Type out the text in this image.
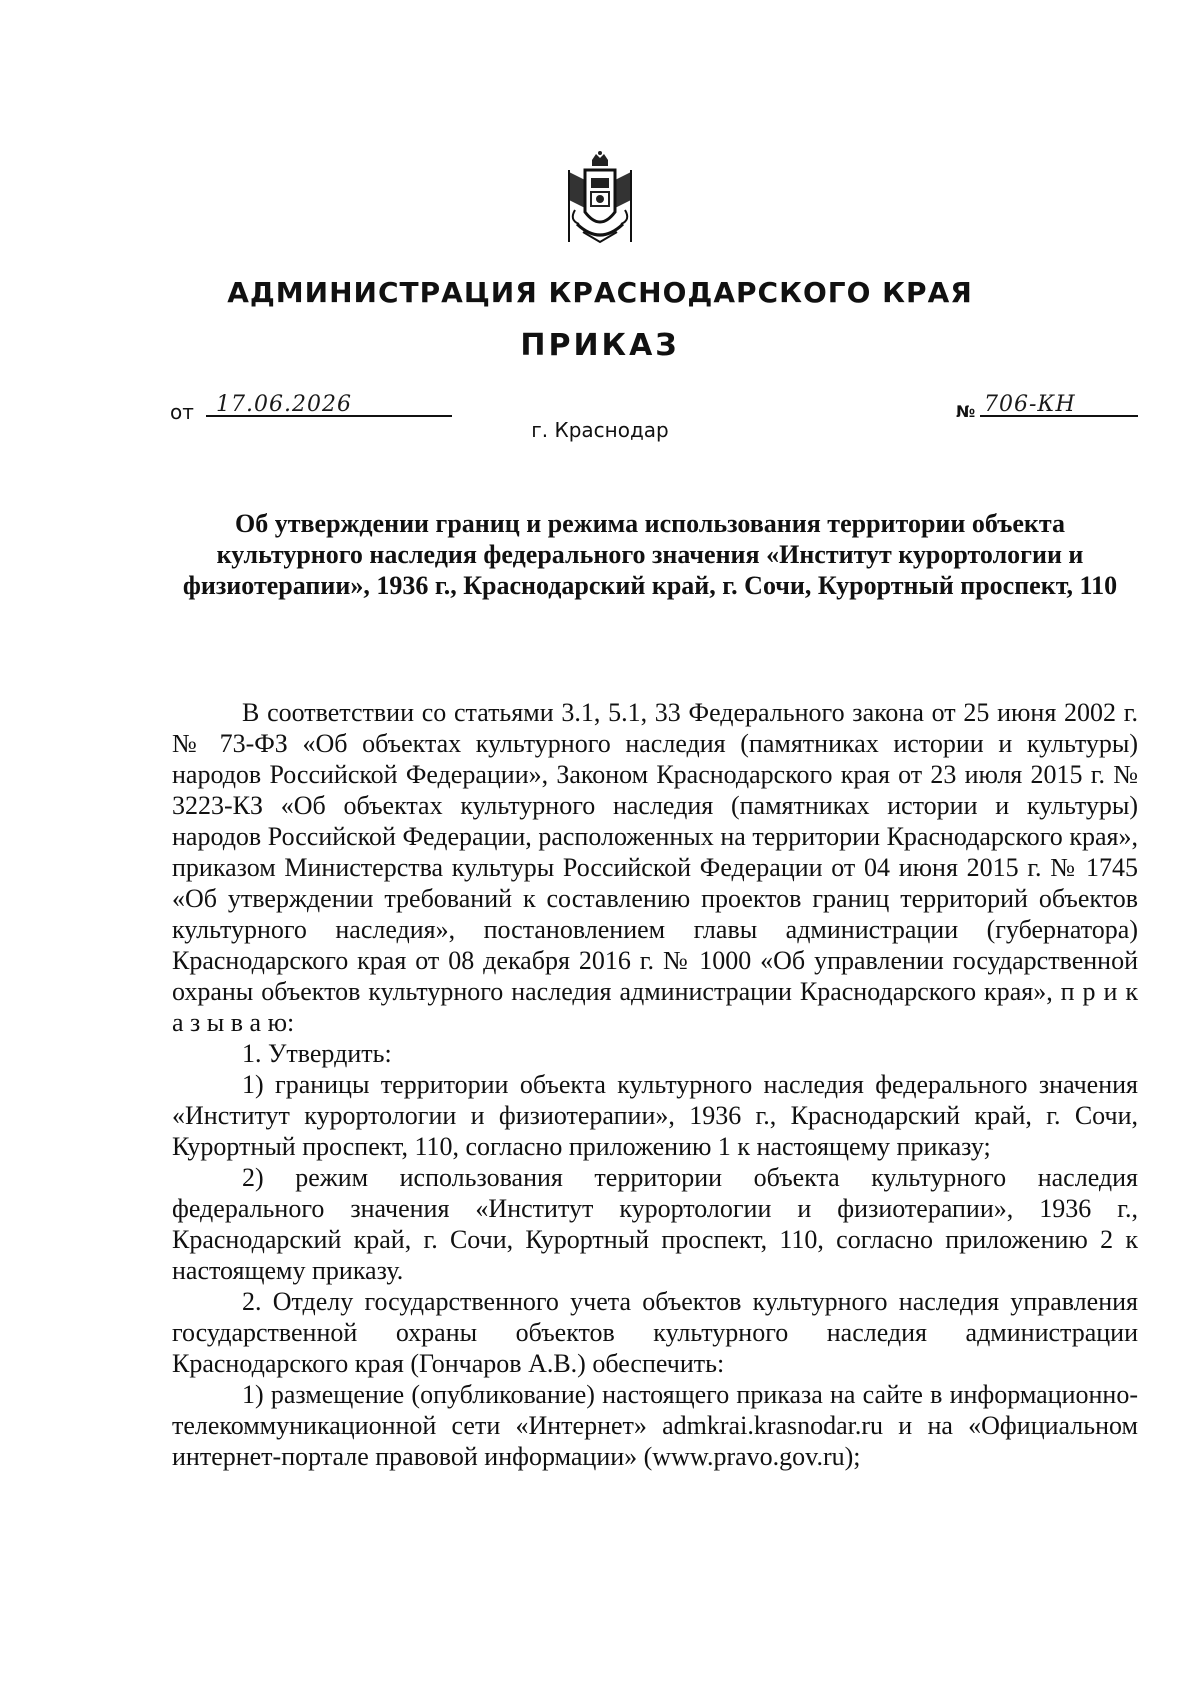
АДМИНИСТРАЦИЯ КРАСНОДАРСКОГО КРАЯ
ПРИКАЗ
от 17.06.2026	№ 706-КН
г. Краснодар
Об утверждении границ и режима использования территории объекта культурного наследия федерального значения «Институт курортологии и физиотерапии», 1936 г., Краснодарский край, г. Сочи, Курортный проспект, 110

В соответствии со статьями 3.1, 5.1, 33 Федерального закона от 25 июня 2002 г. № 73-ФЗ «Об объектах культурного наследия (памятниках истории и культуры) народов Российской Федерации», Законом Краснодарского края от 23 июля 2015 г. № 3223-КЗ «Об объектах культурного наследия (памятниках истории и культуры) народов Российской Федерации, расположенных на территории Краснодарского края», приказом Министерства культуры Российской Федерации от 04 июня 2015 г. № 1745 «Об утверждении требований к составлению проектов границ территорий объектов культурного наследия», постановлением главы администрации (губернатора) Краснодарского края от 08 декабря 2016 г. № 1000 «Об управлении государственной охраны объектов культурного наследия администрации Краснодарского края», п р и к а з ы в а ю:

1. Утвердить:

1) границы территории объекта культурного наследия федерального значения «Институт курортологии и физиотерапии», 1936 г., Краснодарский край, г. Сочи, Курортный проспект, 110, согласно приложению 1 к настоящему приказу;

2) режим использования территории объекта культурного наследия федерального значения «Институт курортологии и физиотерапии», 1936 г., Краснодарский край, г. Сочи, Курортный проспект, 110, согласно приложению 2 к настоящему приказу.

2. Отделу государственного учета объектов культурного наследия управления государственной охраны объектов культурного наследия администрации Краснодарского края (Гончаров А.В.) обеспечить:

1) размещение (опубликование) настоящего приказа на сайте в информационно-телекоммуникационной сети «Интернет» admkrai.krasnodar.ru и на «Официальном интернет-портале правовой информации» (www.pravo.gov.ru);
